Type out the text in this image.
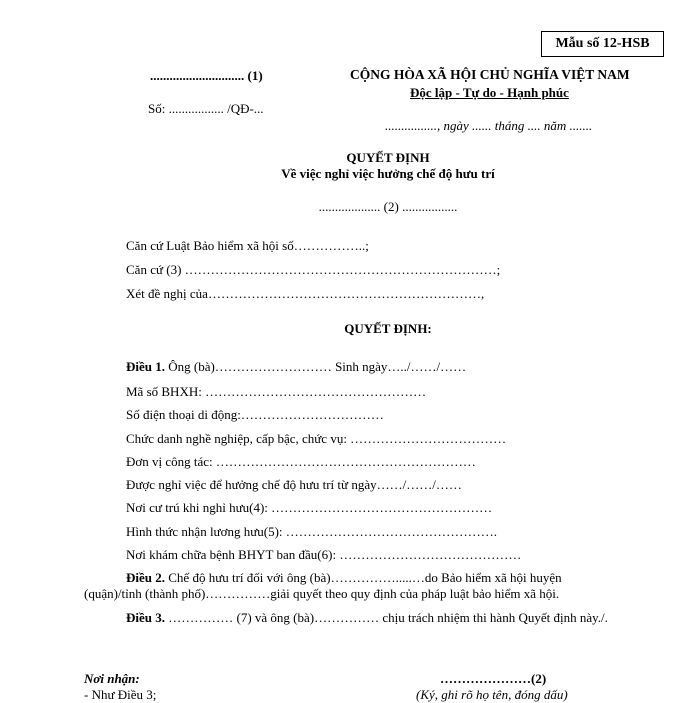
Mẫu số 12-HSB
............................. (1)
Số: ................. /QĐ-...
CỘNG HÒA XÃ HỘI CHỦ NGHĨA VIỆT NAM
Độc lập - Tự do - Hạnh phúc
................, ngày ...... tháng .... năm .......
QUYẾT ĐỊNH
Về việc nghỉ việc hưởng chế độ hưu trí
................... (2) .................
Căn cứ Luật Bảo hiểm xã hội số……………..;
Căn cứ (3) ………………………………………………………………;
Xét đề nghị của………………………………………………………,
QUYẾT ĐỊNH:
Điều 1. Ông (bà)……………………… Sinh ngày…../……/……
Mã số BHXH: ……………………………………………
Số điện thoại di động:……………………………
Chức danh nghề nghiệp, cấp bậc, chức vụ: ………………………………
Đơn vị công tác: ……………………………………………………
Được nghỉ việc để hưởng chế độ hưu trí từ ngày……/……/……
Nơi cư trú khi nghỉ hưu(4): ……………………………………………
Hình thức nhận lương hưu(5): ………………………………………….
Nơi khám chữa bệnh BHYT ban đầu(6): ……………………………………
Điều 2. Chế độ hưu trí đối với ông (bà)…………….....…do Bảo hiểm xã hội huyện
(quận)/tỉnh (thành phố)……………giải quyết theo quy định của pháp luật bảo hiểm xã hội.
Điều 3. …………… (7) và ông (bà)…………… chịu trách nhiệm thi hành Quyết định này./.
Nơi nhận:
- Như Điều 3;
…………………(2)
(Ký, ghi rõ họ tên, đóng dấu)
